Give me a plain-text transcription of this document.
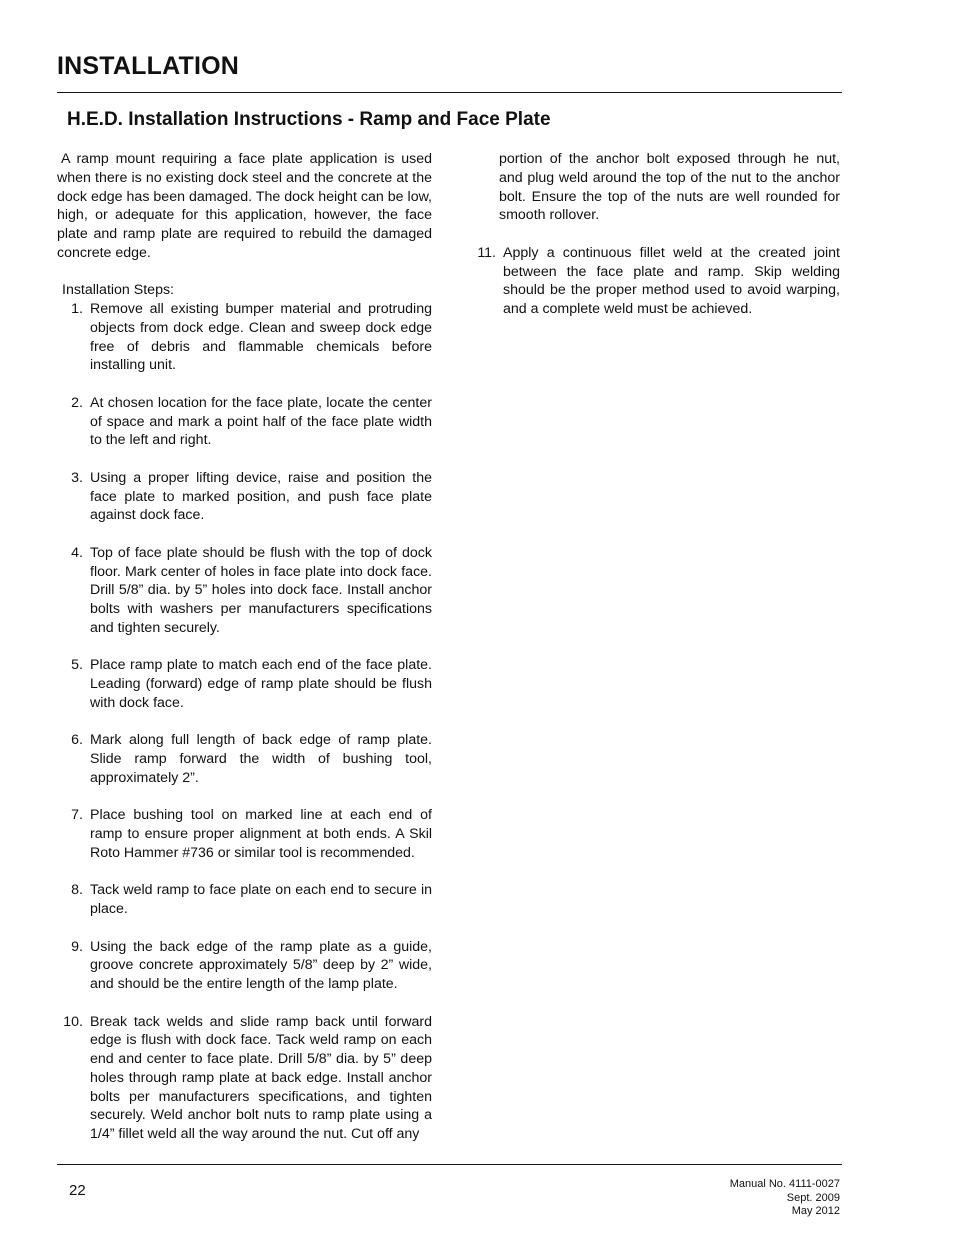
INSTALLATION
H.E.D. Installation Instructions - Ramp and Face Plate

A ramp mount requiring a face plate application is used when there is no existing dock steel and the concrete at the dock edge has been damaged. The dock height can be low, high, or adequate for this application, however, the face plate and ramp plate are required to rebuild the damaged concrete edge.

Installation Steps:

1. Remove all existing bumper material and protruding objects from dock edge. Clean and sweep dock edge free of debris and flammable chemicals before installing unit.
2. At chosen location for the face plate, locate the center of space and mark a point half of the face plate width to the left and right.
3. Using a proper lifting device, raise and position the face plate to marked position, and push face plate against dock face.
4. Top of face plate should be flush with the top of dock floor. Mark center of holes in face plate into dock face. Drill 5/8” dia. by 5” holes into dock face. Install anchor bolts with washers per manufacturers specifications and tighten securely.
5. Place ramp plate to match each end of the face plate. Leading (forward) edge of ramp plate should be flush with dock face.
6. Mark along full length of back edge of ramp plate. Slide ramp forward the width of bushing tool, approximately 2”.
7. Place bushing tool on marked line at each end of ramp to ensure proper alignment at both ends. A Skil Roto Hammer #736 or similar tool is recommended.
8. Tack weld ramp to face plate on each end to secure in place.
9. Using the back edge of the ramp plate as a guide, groove concrete approximately 5/8” deep by 2” wide, and should be the entire length of the lamp plate.
10. Break tack welds and slide ramp back until forward edge is flush with dock face. Tack weld ramp on each end and center to face plate. Drill 5/8” dia. by 5” deep holes through ramp plate at back edge. Install anchor bolts per manufacturers specifications, and tighten securely. Weld anchor bolt nuts to ramp plate using a 1/4” fillet weld all the way around the nut. Cut off any

portion of the anchor bolt exposed through he nut, and plug weld around the top of the nut to the anchor bolt. Ensure the top of the nuts are well rounded for smooth rollover.

11. Apply a continuous fillet weld at the created joint between the face plate and ramp. Skip welding should be the proper method used to avoid warping, and a complete weld must be achieved.
22	Manual No. 4111-0027
Sept. 2009
May 2012
